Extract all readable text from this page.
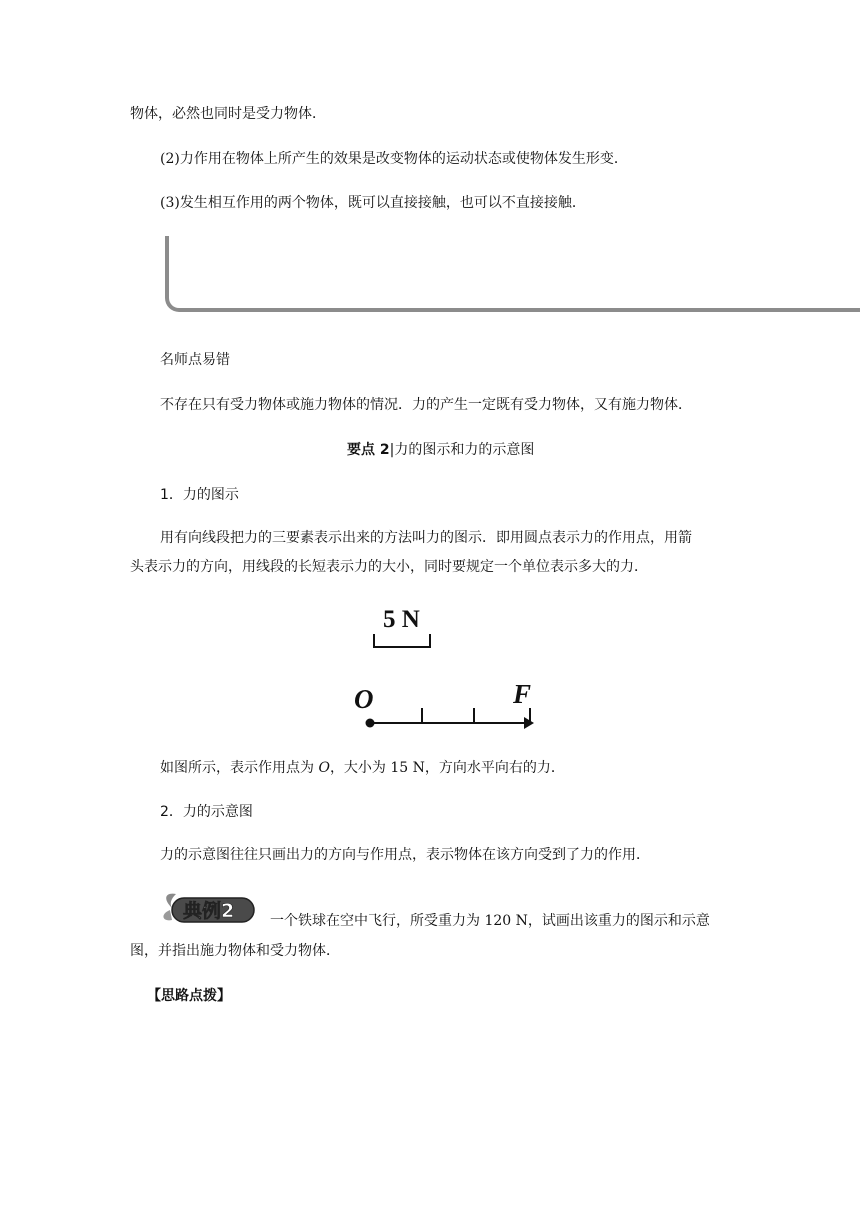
物体，必然也同时是受力物体．
(2)力作用在物体上所产生的效果是改变物体的运动状态或使物体发生形变．
(3)发生相互作用的两个物体，既可以直接接触，也可以不直接接触．
名师点易错
不存在只有受力物体或施力物体的情况．力的产生一定既有受力物体，又有施力物体．
要点 2|力的图示和力的示意图
1．力的图示
用有向线段把力的三要素表示出来的方法叫力的图示．即用圆点表示力的作用点，用箭
头表示力的方向，用线段的长短表示力的大小，同时要规定一个单位表示多大的力．
5 N
O	F
如图所示，表示作用点为 O，大小为 15 N，方向水平向右的力．
2．力的示意图
力的示意图往往只画出力的方向与作用点，表示物体在该方向受到了力的作用．
典例2	一个铁球在空中飞行，所受重力为 120 N，试画出该重力的图示和示意
图，并指出施力物体和受力物体．
【思路点拨】
